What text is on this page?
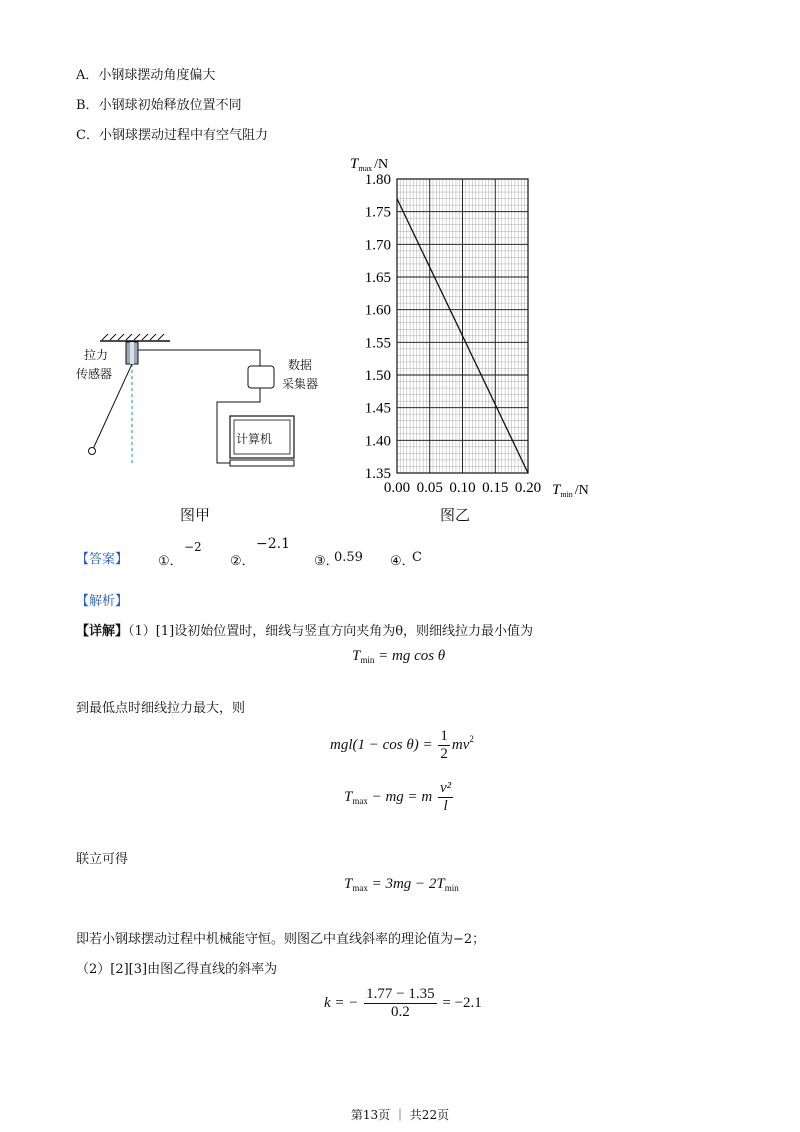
A．小钢球摆动角度偏大
B．小钢球初始释放位置不同
C．小钢球摆动过程中有空气阻力
拉力
传感器
数据
采集器
计算机
图甲
1.80
1.75
1.70
1.65
1.60
1.55
1.50
1.45
1.40
1.35
0.00 0.05 0.10 0.15 0.20
$T_{max}$ /N
$T_{min}$ /N
图乙
【答案】 ①．
−2
②．
−2.1
③．
0.59 ④．
C
【解析】
【详解】（1）[1]设初始位置时，细线与竖直方向夹角为θ，则细线拉力最小值为
$T_{min}$ = mg cos θ
到最低点时细线拉力最大，则
$mgl(1 - \cos \theta) = \frac{1}{2} mv^2$
$T_{max}$ − mg = m $\frac{\text{v²}}{l}$
联立可得
$T_{max} = 3mg - 2T_{min}$
即若小钢球摆动过程中机械能守恒。则图乙中直线斜率的理论值为−2；
（2）[2][3]由图乙得直线的斜率为
k = − $\frac{1.77 - 1.35}{0.2} = -2.1$
第13页 ｜ 共22页
